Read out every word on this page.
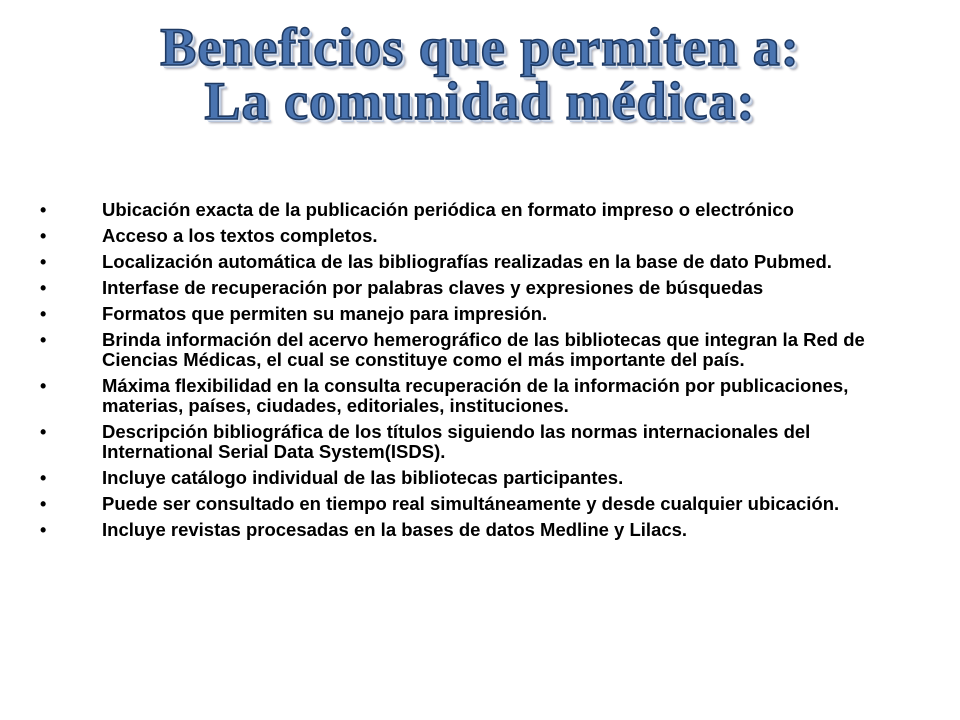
Beneficios que permiten a:
La comunidad médica:
•	Ubicación exacta de la publicación periódica en formato impreso o electrónico
•	Acceso a los textos completos.
•	Localización automática de las bibliografías realizadas en la base de dato Pubmed.
•	Interfase de recuperación por palabras claves y expresiones de búsquedas
•	Formatos que permiten su manejo para impresión.
•	Brinda información del acervo hemerográfico de las bibliotecas que integran la Red de Ciencias Médicas, el cual se constituye como el más importante del país.
•	Máxima flexibilidad en la consulta recuperación de la información por publicaciones, materias, países, ciudades, editoriales, instituciones.
•	Descripción bibliográfica de los títulos siguiendo las normas internacionales del International Serial Data System(ISDS).
•	Incluye catálogo individual de las bibliotecas participantes.
•	Puede ser consultado en tiempo real simultáneamente y desde cualquier ubicación.
•	Incluye revistas procesadas en la bases de datos Medline y Lilacs.
